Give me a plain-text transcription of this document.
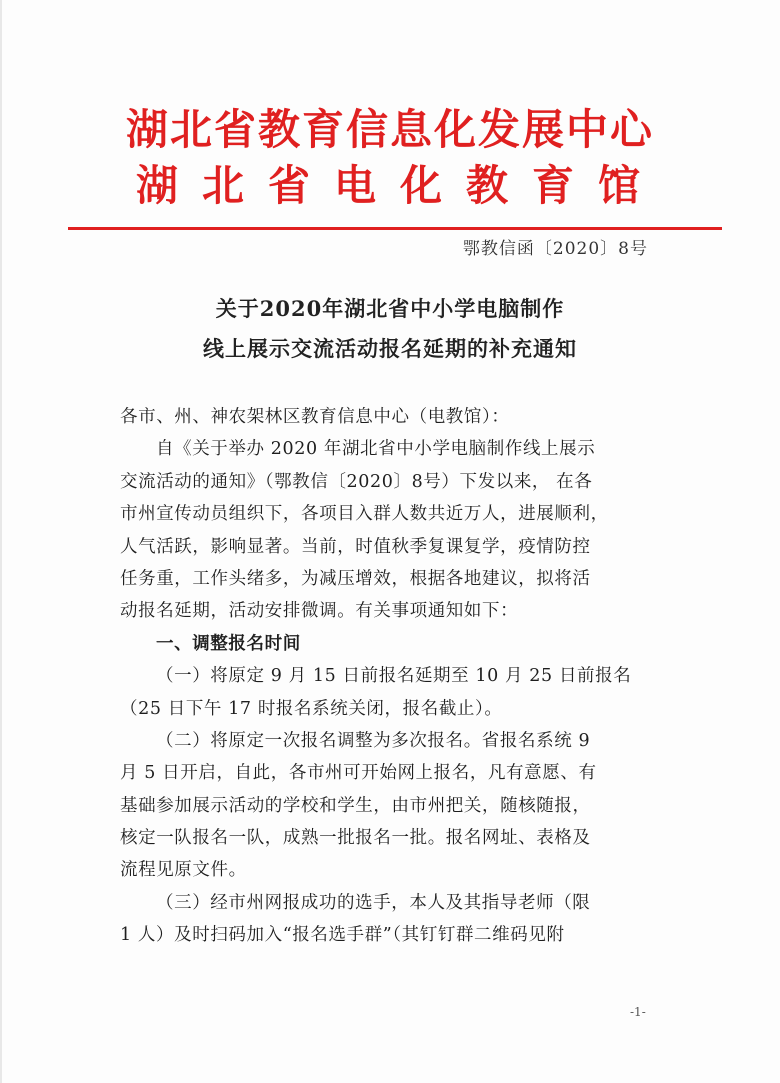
湖北省教育信息化发展中心
湖北省电化教育馆
鄂教信函〔2020〕8号
关于2020年湖北省中小学电脑制作
线上展示交流活动报名延期的补充通知
各市、州、神农架林区教育信息中心（电教馆）：
自《关于举办 2020 年湖北省中小学电脑制作线上展示
交流活动的通知》（鄂教信〔2020〕8号）下发以来， 在各
市州宣传动员组织下，各项目入群人数共近万人，进展顺利，
人气活跃，影响显著。当前，时值秋季复课复学，疫情防控
任务重，工作头绪多，为减压增效，根据各地建议，拟将活
动报名延期，活动安排微调。有关事项通知如下：
一、调整报名时间
（一）将原定 9 月 15 日前报名延期至 10 月 25 日前报名
（25 日下午 17 时报名系统关闭，报名截止）。
（二）将原定一次报名调整为多次报名。省报名系统 9
月 5 日开启，自此，各市州可开始网上报名，凡有意愿、有
基础参加展示活动的学校和学生，由市州把关，随核随报，
核定一队报名一队，成熟一批报名一批。报名网址、表格及
流程见原文件。
（三）经市州网报成功的选手，本人及其指导老师（限
1 人）及时扫码加入“报名选手群”（其钉钉群二维码见附
-1-
